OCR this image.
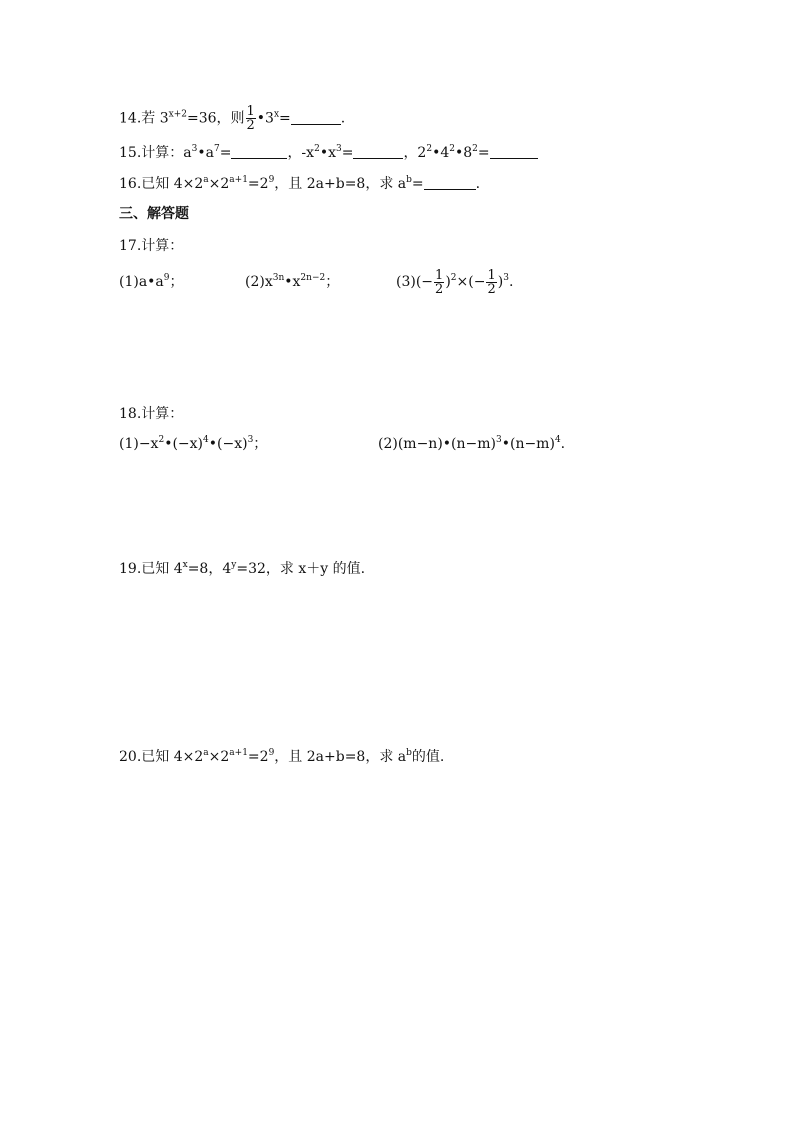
14.若 $3^{x+2}=36$，则 $\frac{1}{2}$ $•3^x=$	.
15.计算：$a^3•a^7=$	，$-x^2•x^3=$	，$2^2•4^2•8^2=$
16.已知 $4\times 2^a\times 2^{a+1}=2^9$，且 2a+b=8，求 $a^b=$	.
三、解答题
17.计算：
$(1)a•a^9$；	$(2)x^{3n}•x^{2n-2}$；	$(3)(- \frac{1}{2} )^2\times(- \frac{1}{2} )^3$.
18.计算：
$(1)-x^2•(-x)^4•(-x)^3$；	$(2)(m-n)•(n-m)^3•(n-m)^4$.
19.已知 $4^x=8$，$4^y=32$，求 x＋y 的值.
20.已知 $4\times 2^a\times 2^{a+1}=2^9$，且 2a+b=8，求 $a^b$的值.
